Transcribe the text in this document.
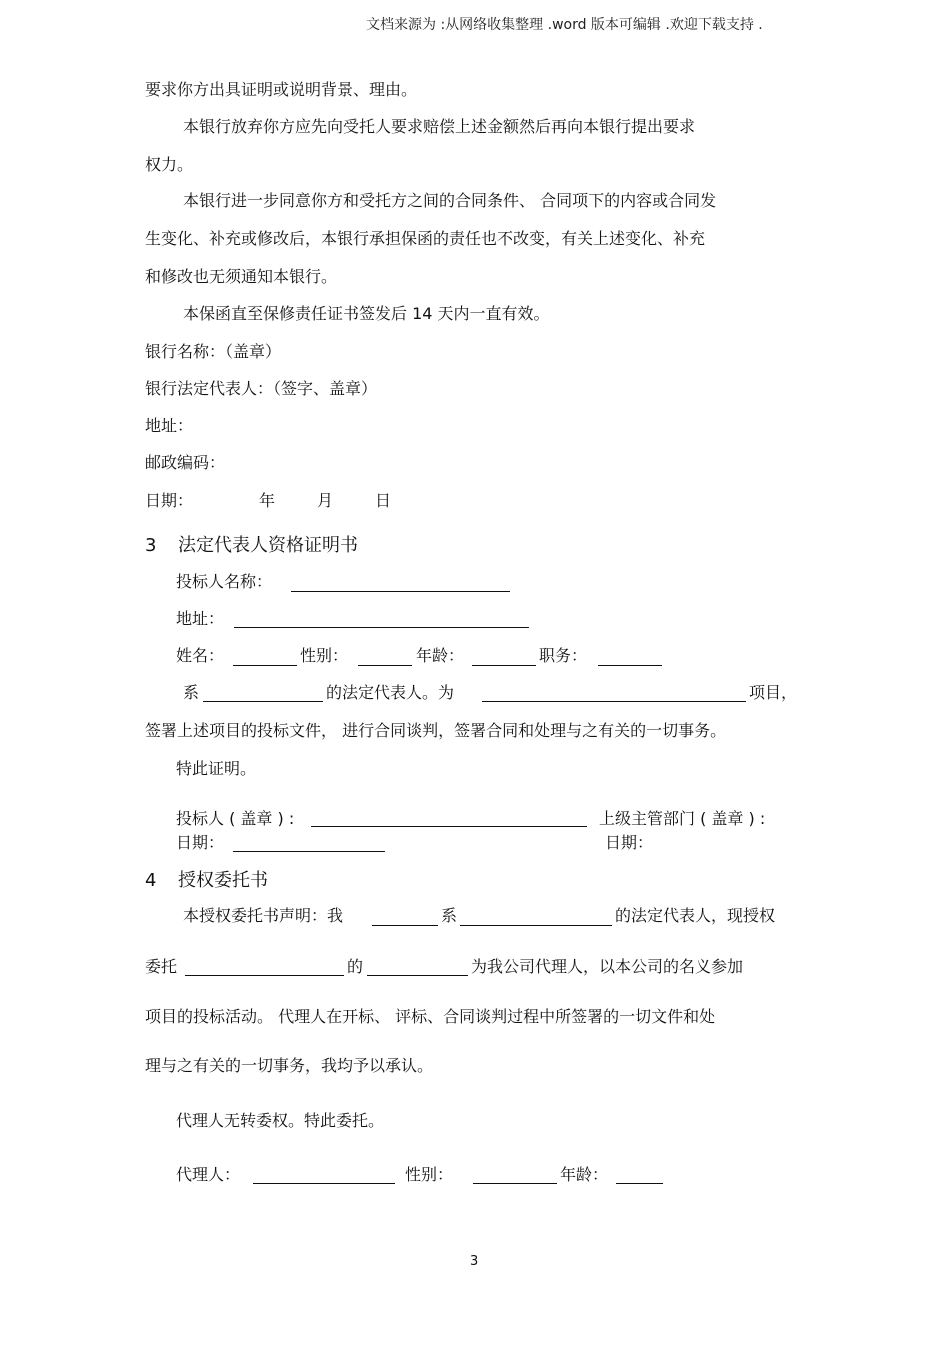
文档来源为 :从网络收集整理 .word 版本可编辑 .欢迎下载支持 .
要求你方出具证明或说明背景、理由。
本银行放弃你方应先向受托人要求赔偿上述金额然后再向本银行提出要求
权力。
本银行进一步同意你方和受托方之间的合同条件、 合同项下的内容或合同发
生变化、补充或修改后，本银行承担保函的责任也不改变，有关上述变化、补充
和修改也无须通知本银行。
本保函直至保修责任证书签发后 14 天内一直有效。
银行名称：（盖章）
银行法定代表人：（签字、盖章）
地址：
邮政编码：
日期：	年	月	日
3 法定代表人资格证明书
投标人名称：
地址：
姓名：	性别：	年龄：	职务：
系	的法定代表人。为	项目，
签署上述项目的投标文件， 进行合同谈判，签署合同和处理与之有关的一切事务。
特此证明。
投标人 ( 盖章 ) :	上级主管部门 ( 盖章 ) :
日期：	日期：
4 授权委托书
本授权委托书声明：我	系	的法定代表人，现授权
委托	的	为我公司代理人，以本公司的名义参加
项目的投标活动。 代理人在开标、 评标、合同谈判过程中所签署的一切文件和处
理与之有关的一切事务，我均予以承认。
代理人无转委权。特此委托。
代理人：	性别：	年龄：
3
